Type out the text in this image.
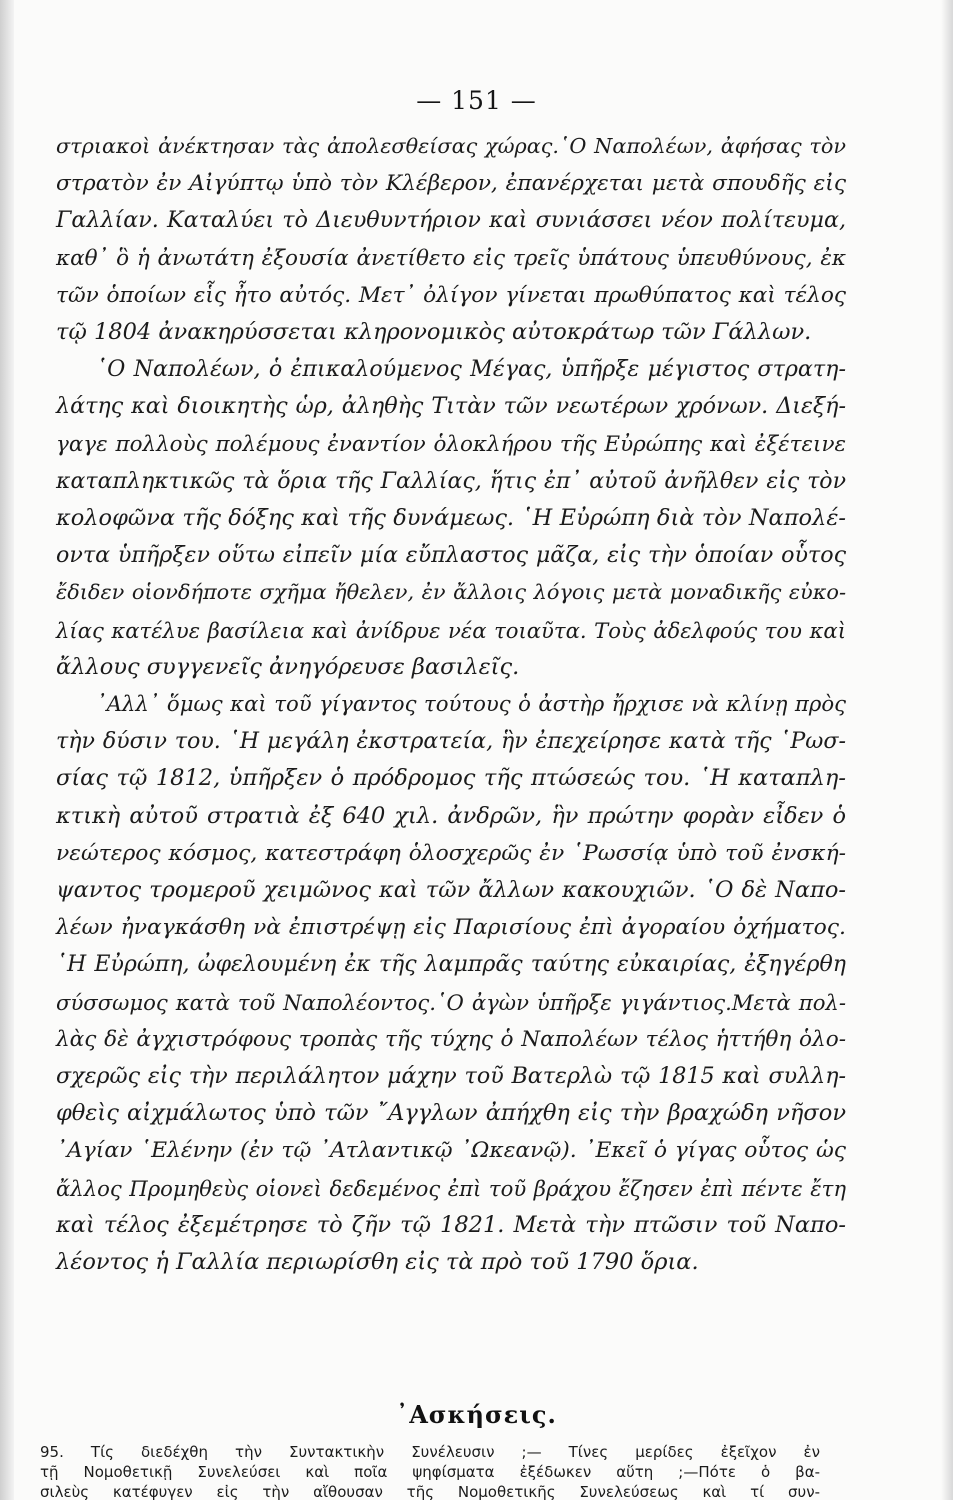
— 151 —
στριακοὶ ἀνέκτησαν τὰς ἀπολεσθείσας χώρας.῾Ο Ναπολέων, ἀφήσας τὸν
στρατὸν ἐν Αἰγύπτῳ ὑπὸ τὸν Κλέβερον, ἐπανέρχεται μετὰ σπουδῆς εἰς
Γαλλίαν. Καταλύει τὸ Διευθυντήριον καὶ συνιάσσει νέον πολίτευμα,
καθ᾽ ὃ ἡ ἀνωτάτη ἐξουσία ἀνετίθετο εἰς τρεῖς ὑπάτους ὑπευθύνους, ἐκ
τῶν ὁποίων εἷς ἦτο αὐτός. Μετ᾽ ὀλίγον γίνεται πρωθύπατος καὶ τέλος
τῷ 1804 ἀνακηρύσσεται κληρονομικὸς αὐτοκράτωρ τῶν Γάλλων.
῾Ο Ναπολέων, ὁ ἐπικαλούμενος Μέγας, ὑπῆρξε μέγιστος στρατη-
λάτης καὶ διοικητὴς ὡρ, ἀληθὴς Τιτὰν τῶν νεωτέρων χρόνων. Διεξή-
γαγε πολλοὺς πολέμους ἐναντίον ὁλοκλήρου τῆς Εὐρώπης καὶ ἐξέτεινε
καταπληκτικῶς τὰ ὅρια τῆς Γαλλίας, ἥτις ἐπ᾽ αὐτοῦ ἀνῆλθεν εἰς τὸν
κολοφῶνα τῆς δόξης καὶ τῆς δυνάμεως. ῾Η Εὐρώπη διὰ τὸν Ναπολέ-
οντα ὑπῆρξεν οὕτω εἰπεῖν μία εὔπλαστος μᾶζα, εἰς τὴν ὁποίαν οὗτος
ἔδιδεν οἱονδήποτε σχῆμα ἤθελεν, ἐν ἄλλοις λόγοις μετὰ μοναδικῆς εὐκο-
λίας κατέλυε βασίλεια καὶ ἀνίδρυε νέα τοιαῦτα. Τοὺς ἀδελφούς του καὶ
ἄλλους συγγενεῖς ἀνηγόρευσε βασιλεῖς.
᾽Αλλ᾽ ὅμως καὶ τοῦ γίγαντος τούτους ὁ ἀστὴρ ἤρχισε νὰ κλίνῃ πρὸς
τὴν δύσιν του. ῾Η μεγάλη ἐκστρατεία, ἣν ἐπεχείρησε κατὰ τῆς ῾Ρωσ-
σίας τῷ 1812, ὑπῆρξεν ὁ πρόδρομος τῆς πτώσεώς του. ῾Η καταπλη-
κτικὴ αὐτοῦ στρατιὰ ἐξ 640 χιλ. ἀνδρῶν, ἣν πρώτην φορὰν εἶδεν ὁ
νεώτερος κόσμος, κατεστράφη ὁλοσχερῶς ἐν ῾Ρωσσίᾳ ὑπὸ τοῦ ἐνσκή-
ψαντος τρομεροῦ χειμῶνος καὶ τῶν ἄλλων κακουχιῶν. ῾Ο δὲ Ναπο-
λέων ἠναγκάσθη νὰ ἐπιστρέψῃ εἰς Παρισίους ἐπὶ ἀγοραίου ὀχήματος.
῾Η Εὐρώπη, ὠφελουμένη ἐκ τῆς λαμπρᾶς ταύτης εὐκαιρίας, ἐξηγέρθη
σύσσωμος κατὰ τοῦ Ναπολέοντος.῾Ο ἀγὼν ὑπῆρξε γιγάντιος.Μετὰ πολ-
λὰς δὲ ἀγχιστρόφους τροπὰς τῆς τύχης ὁ Ναπολέων τέλος ἡττήθη ὁλο-
σχερῶς εἰς τὴν περιλάλητον μάχην τοῦ Βατερλὼ τῷ 1815 καὶ συλλη-
φθεὶς αἰχμάλωτος ὑπὸ τῶν ῎Αγγλων ἀπήχθη εἰς τὴν βραχώδη νῆσον
᾽Αγίαν ῾Ελένην (ἐν τῷ ᾽Ατλαντικῷ ᾽Ωκεανῷ). ᾽Εκεῖ ὁ γίγας οὗτος ὡς
ἄλλος Προμηθεὺς οἱονεὶ δεδεμένος ἐπὶ τοῦ βράχου ἔζησεν ἐπὶ πέντε ἔτη
καὶ τέλος ἐξεμέτρησε τὸ ζῆν τῷ 1821. Μετὰ τὴν πτῶσιν τοῦ Ναπο-
λέοντος ἡ Γαλλία περιωρίσθη εἰς τὰ πρὸ τοῦ 1790 ὅρια.
᾽Ασκήσεις.
95. Τίς διεδέχθη τὴν Συντακτικὴν Συνέλευσιν ;— Τίνες μερίδες ἐξεῖχον ἐν
τῇ Νομοθετικῇ Συνελεύσει καὶ ποῖα ψηφίσματα ἐξέδωκεν αὕτη ;—Πότε ὁ βα-
σιλεὺς κατέφυγεν εἰς τὴν αἴθουσαν τῆς Νομοθετικῆς Συνελεύσεως καὶ τί συν-
